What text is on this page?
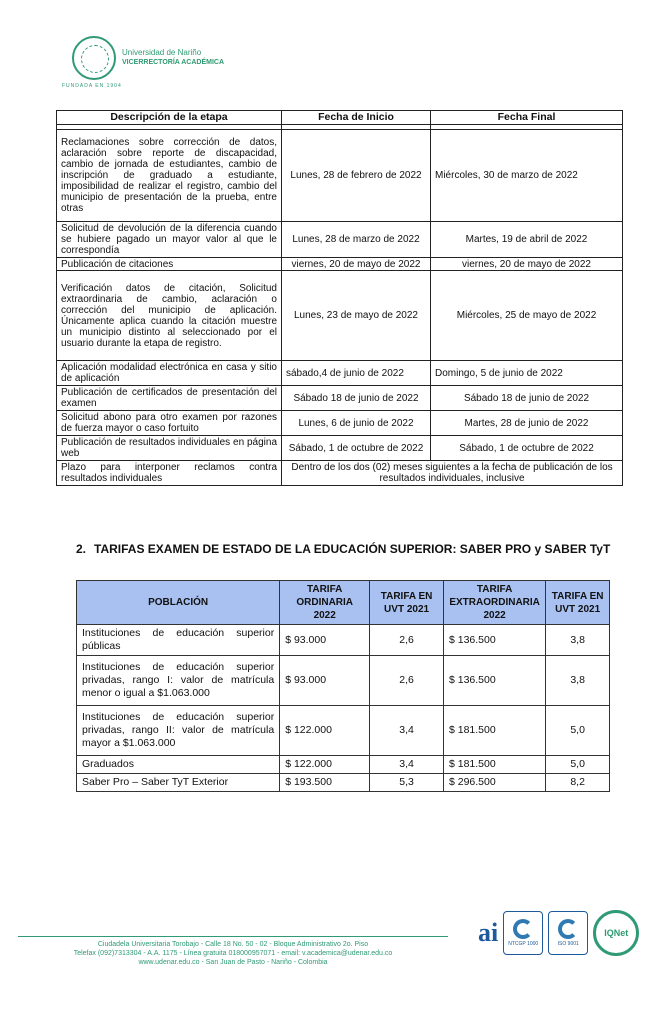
Universidad de Nariño
VICERRECTORÍA ACADÉMICA
FUNDADA EN 1904
Descripción de la etapa	Fecha de Inicio	Fecha Final

Reclamaciones sobre corrección de datos, aclaración sobre reporte de discapacidad, cambio de jornada de estudiantes, cambio de inscripción de graduado a estudiante, imposibilidad de realizar el registro, cambio del municipio de presentación de la prueba, entre otras	Lunes, 28 de febrero de 2022	Miércoles, 30 de marzo de 2022
Solicitud de devolución de la diferencia cuando se hubiere pagado un mayor valor al que le correspondía	Lunes, 28 de marzo de 2022	Martes, 19 de abril de 2022
Publicación de citaciones	viernes, 20 de mayo de 2022	viernes, 20 de mayo de 2022
Verificación datos de citación, Solicitud extraordinaria de cambio, aclaración o corrección del municipio de aplicación. Únicamente aplica cuando la citación muestre un municipio distinto al seleccionado por el usuario durante la etapa de registro.	Lunes, 23 de mayo de 2022	Miércoles, 25 de mayo de 2022
Aplicación modalidad electrónica en casa y sitio de aplicación	sábado,4 de junio de 2022	Domingo, 5 de junio de 2022
Publicación de certificados de presentación del examen	Sábado 18 de junio de 2022	Sábado 18 de junio de 2022
Solicitud abono para otro examen por razones de fuerza mayor o caso fortuito	Lunes, 6 de junio de 2022	Martes, 28 de junio de 2022
Publicación de resultados individuales en página web	Sábado, 1 de octubre de 2022	Sábado, 1 de octubre de 2022
Plazo para interponer reclamos contra resultados individuales	Dentro de los dos (02) meses siguientes a la fecha de publicación de los resultados individuales, inclusive	
2. TARIFAS EXAMEN DE ESTADO DE LA EDUCACIÓN SUPERIOR: SABER PRO y SABER TyT
POBLACIÓN	TARIFA ORDINARIA 2022	TARIFA EN UVT 2021	TARIFA EXTRAORDINARIA 2022	TARIFA EN UVT 2021
Instituciones de educación superior públicas	$ 93.000	2,6	$ 136.500	3,8
Instituciones de educación superior privadas, rango I: valor de matrícula menor o igual a $1.063.000	$ 93.000	2,6	$ 136.500	3,8
Instituciones de educación superior privadas, rango II: valor de matrícula mayor a $1.063.000	$ 122.000	3,4	$ 181.500	5,0
Graduados	$ 122.000	3,4	$ 181.500	5,0
Saber Pro – Saber TyT Exterior	$ 193.500	5,3	$ 296.500	8,2
Ciudadela Universitaria Torobajo - Calle 18 No. 50 - 02 - Bloque Administrativo 2o. Piso
Telefax (092)7313304 - A.A. 1175 - Línea gratuita 018000957071 - email: v.academica@udenar.edu.co
www.udenar.edu.co - San Juan de Pasto - Nariño - Colombia
ai NTCGP 1000	ISO 9001
IQNet
